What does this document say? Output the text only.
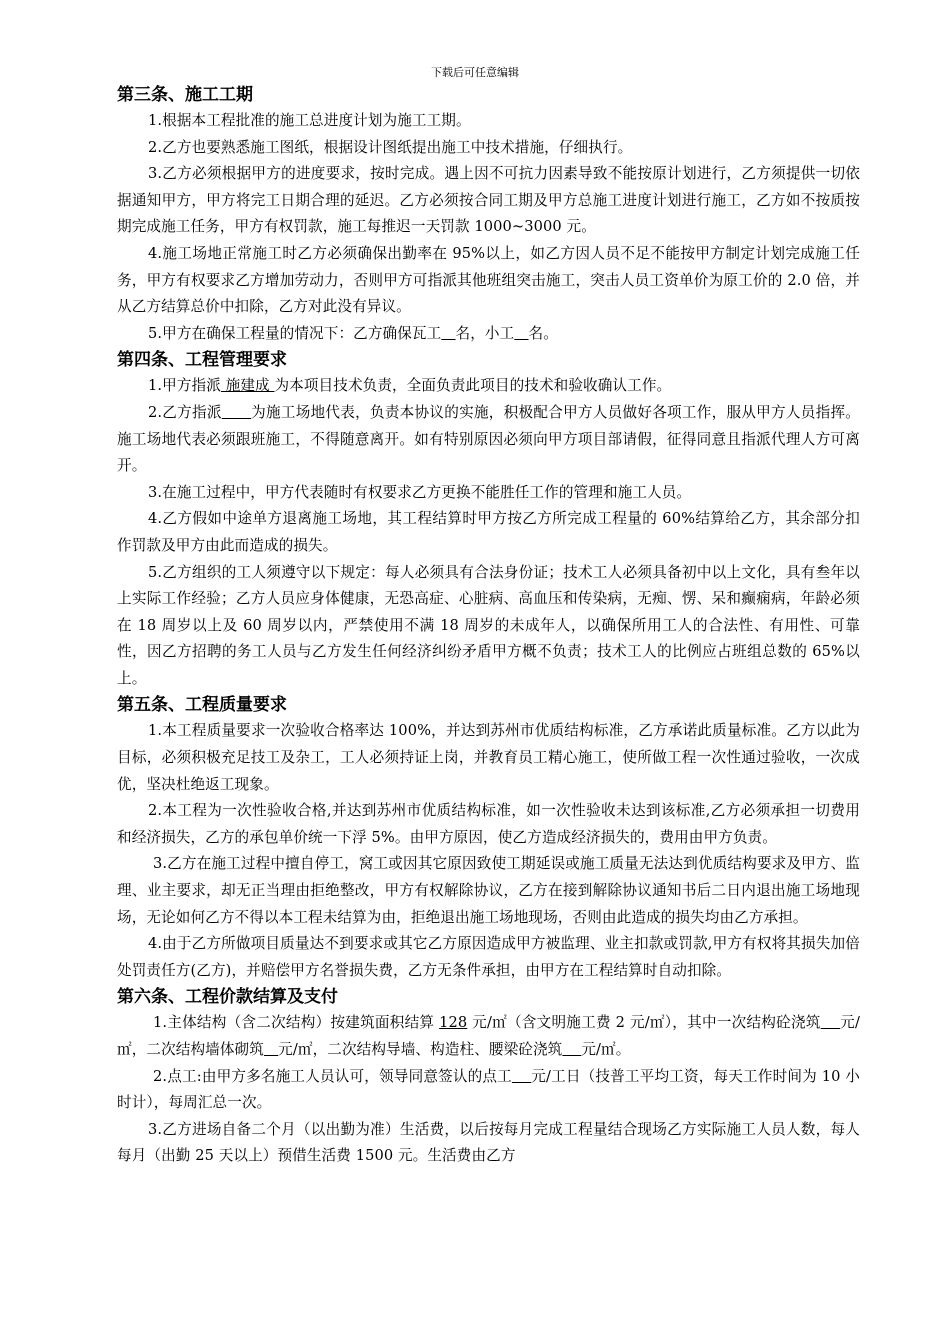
下载后可任意编辑
第三条、施工工期
1.根据本工程批准的施工总进度计划为施工工期。
2.乙方也要熟悉施工图纸，根据设计图纸提出施工中技术措施，仔细执行。
3.乙方必须根据甲方的进度要求，按时完成。遇上因不可抗力因素导致不能按原计划进行，乙方须提供一切依据通知甲方，甲方将完工日期合理的延迟。乙方必须按合同工期及甲方总施工进度计划进行施工，乙方如不按质按期完成施工任务，甲方有权罚款，施工每推迟一天罚款 1000~3000 元。
4.施工场地正常施工时乙方必须确保出勤率在 95%以上，如乙方因人员不足不能按甲方制定计划完成施工任务，甲方有权要求乙方增加劳动力，否则甲方可指派其他班组突击施工，突击人员工资单价为原工价的 2.0 倍，并从乙方结算总价中扣除，乙方对此没有异议。
5.甲方在确保工程量的情况下：乙方确保瓦工 名，小工 名。
第四条、工程管理要求
1.甲方指派 施建成 为本项目技术负责，全面负责此项目的技术和验收确认工作。
2.乙方指派 为施工场地代表，负责本协议的实施，积极配合甲方人员做好各项工作，服从甲方人员指挥。施工场地代表必须跟班施工，不得随意离开。如有特别原因必须向甲方项目部请假，征得同意且指派代理人方可离开。
3.在施工过程中，甲方代表随时有权要求乙方更换不能胜任工作的管理和施工人员。
4.乙方假如中途单方退离施工场地，其工程结算时甲方按乙方所完成工程量的 60%结算给乙方，其余部分扣作罚款及甲方由此而造成的损失。
5.乙方组织的工人须遵守以下规定：每人必须具有合法身份证；技术工人必须具备初中以上文化，具有叁年以上实际工作经验；乙方人员应身体健康，无恐高症、心脏病、高血压和传染病，无痴、愣、呆和癫痫病，年龄必须在 18 周岁以上及 60 周岁以内，严禁使用不满 18 周岁的未成年人，以确保所用工人的合法性、有用性、可靠性，因乙方招聘的务工人员与乙方发生任何经济纠纷矛盾甲方概不负责；技术工人的比例应占班组总数的 65%以上。
第五条、工程质量要求
1.本工程质量要求一次验收合格率达 100%，并达到苏州市优质结构标准，乙方承诺此质量标准。乙方以此为目标，必须积极充足技工及杂工，工人必须持证上岗，并教育员工精心施工，使所做工程一次性通过验收，一次成优，坚决杜绝返工现象。
2.本工程为一次性验收合格,并达到苏州市优质结构标准，如一次性验收未达到该标准,乙方必须承担一切费用和经济损失，乙方的承包单价统一下浮 5%。由甲方原因，使乙方造成经济损失的，费用由甲方负责。
3.乙方在施工过程中擅自停工，窝工或因其它原因致使工期延误或施工质量无法达到优质结构要求及甲方、监理、业主要求，却无正当理由拒绝整改，甲方有权解除协议，乙方在接到解除协议通知书后二日内退出施工场地现场，无论如何乙方不得以本工程未结算为由，拒绝退出施工场地现场，否则由此造成的损失均由乙方承担。
4.由于乙方所做项目质量达不到要求或其它乙方原因造成甲方被监理、业主扣款或罚款,甲方有权将其损失加倍处罚责任方(乙方)，并赔偿甲方名誉损失费，乙方无条件承担，由甲方在工程结算时自动扣除。
第六条、工程价款结算及支付
1.主体结构（含二次结构）按建筑面积结算 128 元/㎡（含文明施工费 2 元/㎡），其中一次结构砼浇筑 元/㎡，二次结构墙体砌筑 元/㎡，二次结构导墙、构造柱、腰梁砼浇筑 元/㎡。
2.点工:由甲方多名施工人员认可，领导同意签认的点工 元/工日（技普工平均工资，每天工作时间为 10 小时计），每周汇总一次。
3.乙方进场自备二个月（以出勤为准）生活费，以后按每月完成工程量结合现场乙方实际施工人员人数，每人每月（出勤 25 天以上）预借生活费 1500 元。生活费由乙方
